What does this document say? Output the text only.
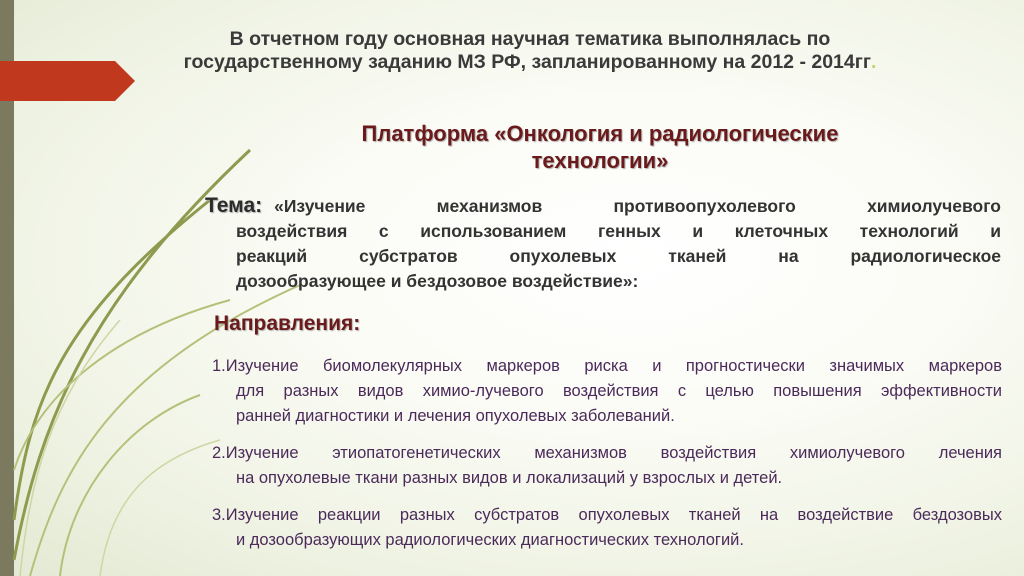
В отчетном году основная научная тематика выполнялась по
государственному заданию МЗ РФ, запланированному на 2012 - 2014гг.
Платформа «Онкология и радиологические
технологии»
Тема: «Изучение механизмов противоопухолевого химиолучевого
воздействия с использованием генных и клеточных технологий и
реакций субстратов опухолевых тканей на радиологическое
дозообразующее и бездозовое воздействие»:
Направления:
1.Изучение биомолекулярных маркеров риска и прогностически значимых маркеров
для разных видов химио-лучевого воздействия с целью повышения эффективности
ранней диагностики и лечения опухолевых заболеваний.
2.Изучение этиопатогенетических механизмов воздействия химиолучевого лечения
на опухолевые ткани разных видов и локализаций у взрослых и детей.
3.Изучение реакции разных субстратов опухолевых тканей на воздействие бездозовых
и дозообразующих радиологических диагностических технологий.
